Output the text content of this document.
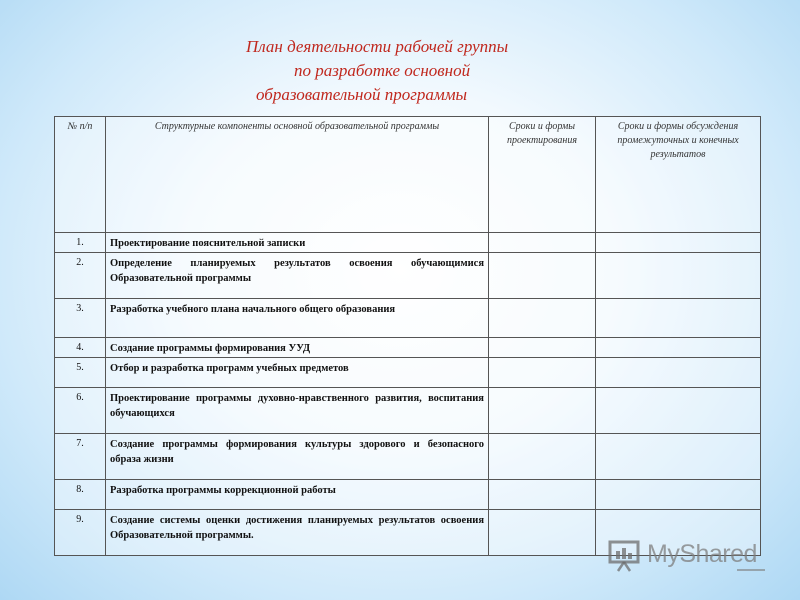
План деятельности рабочей группы
по разработке основной
образовательной программы
№ п/п	Структурные компоненты основной образовательной программы	Сроки и формы проектирования	Сроки и формы обсуждения промежуточных и конечных результатов
1.	Проектирование пояснительной записки		
2.	Определение планируемых результатов освоения обучающимися Образовательной программы		
3.	Разработка учебного плана начального общего образования		
4.	Создание программы формирования УУД		
5.	Отбор и разработка программ учебных предметов		
6.	Проектирование программы духовно-нравственного развития, воспитания обучающихся		
7.	Создание программы формирования культуры здорового и безопасного образа жизни		
8.	Разработка программы коррекционной работы		
9.	Создание системы оценки достижения планируемых результатов освоения Образовательной программы.		
MyShared
